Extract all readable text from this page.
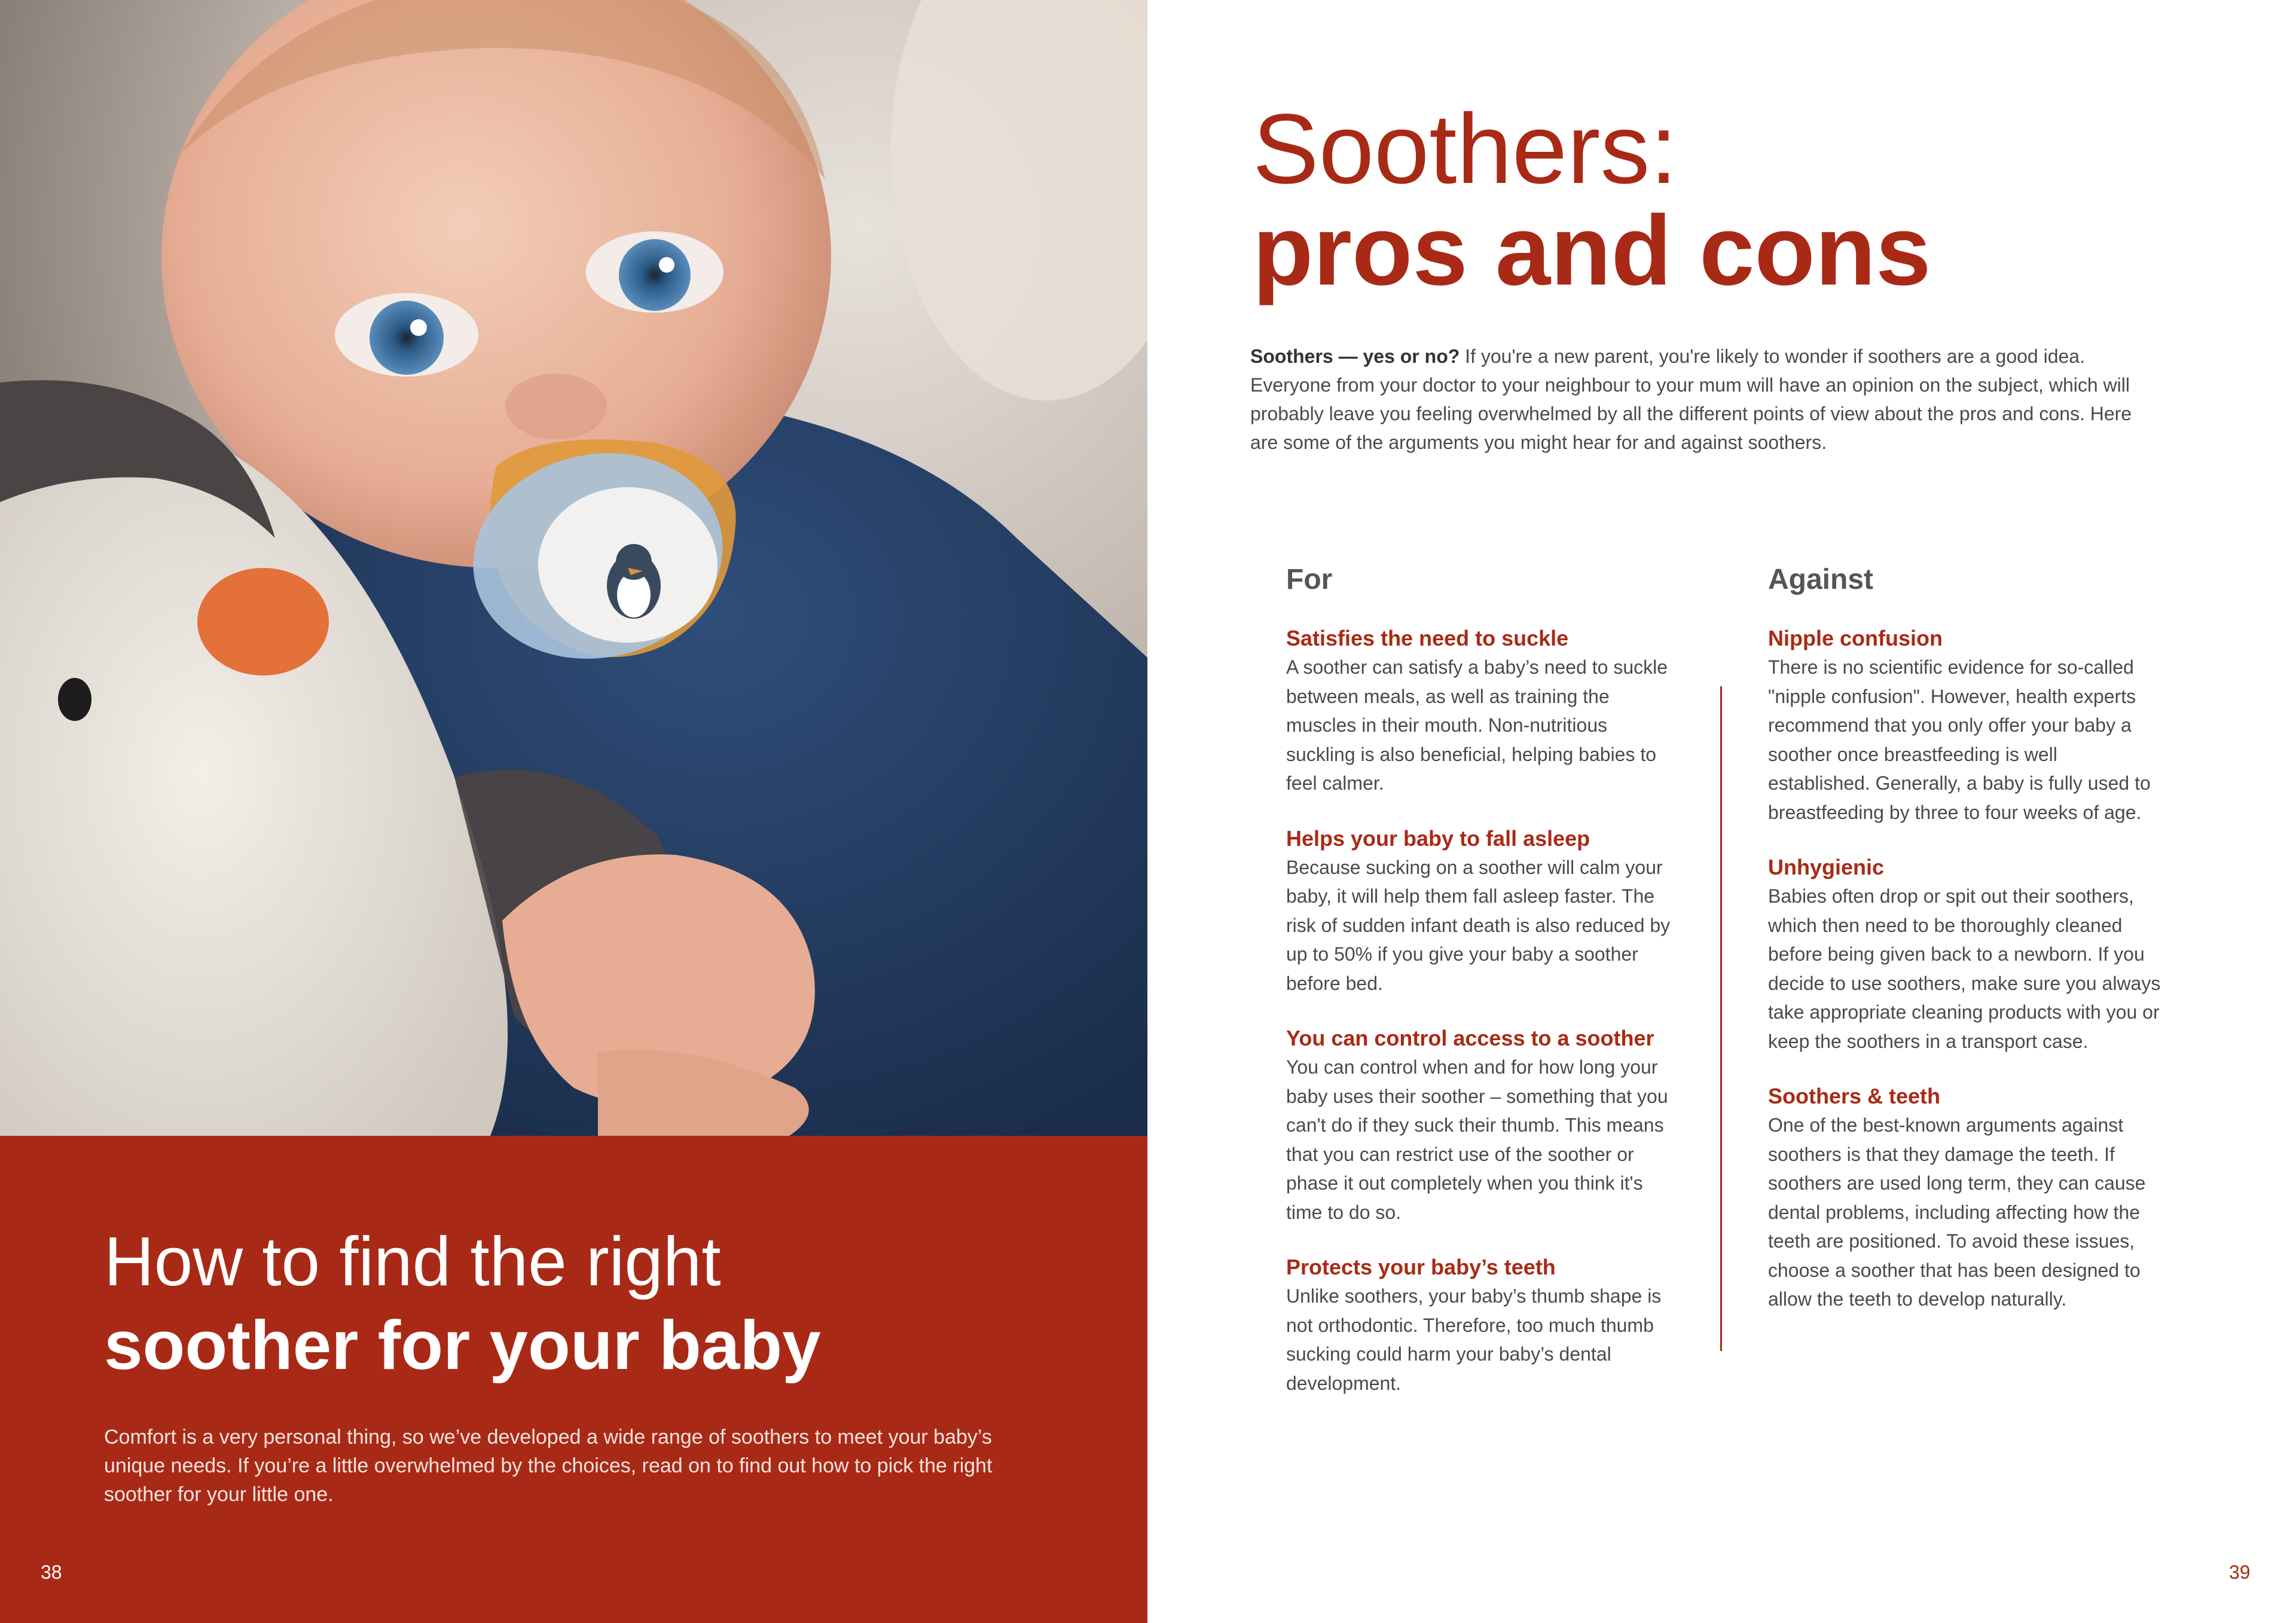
How to find the right
soother for your baby

Comfort is a very personal thing, so we’ve developed a wide range of soothers to meet your baby’s unique needs. If you’re a little overwhelmed by the choices, read on to find out how to pick the right soother for your little one.

38
Soothers:
pros and cons

Soothers — yes or no? If you're a new parent, you're likely to wonder if soothers are a good idea. Everyone from your doctor to your neighbour to your mum will have an opinion on the subject, which will probably leave you feeling overwhelmed by all the different points of view about the pros and cons. Here are some of the arguments you might hear for and against soothers.

For

Satisfies the need to suckle

A soother can satisfy a baby’s need to suckle between meals, as well as training the muscles in their mouth. Non-nutritious suckling is also beneficial, helping babies to feel calmer.

Helps your baby to fall asleep

Because sucking on a soother will calm your baby, it will help them fall asleep faster. The risk of sudden infant death is also reduced by up to 50% if you give your baby a soother before bed.

You can control access to a soother

You can control when and for how long your baby uses their soother – something that you can't do if they suck their thumb. This means that you can restrict use of the soother or phase it out completely when you think it's time to do so.

Protects your baby’s teeth

Unlike soothers, your baby’s thumb shape is not orthodontic. Therefore, too much thumb sucking could harm your baby’s dental development.

Against

Nipple confusion

There is no scientific evidence for so-called "nipple confusion". However, health experts recommend that you only offer your baby a soother once breastfeeding is well established. Generally, a baby is fully used to breastfeeding by three to four weeks of age.

Unhygienic

Babies often drop or spit out their soothers, which then need to be thoroughly cleaned before being given back to a newborn. If you decide to use soothers, make sure you always take appropriate cleaning products with you or keep the soothers in a transport case.

Soothers & teeth

One of the best-known arguments against soothers is that they damage the teeth. If soothers are used long term, they can cause dental problems, including affecting how the teeth are positioned. To avoid these issues, choose a soother that has been designed to allow the teeth to develop naturally.

39
